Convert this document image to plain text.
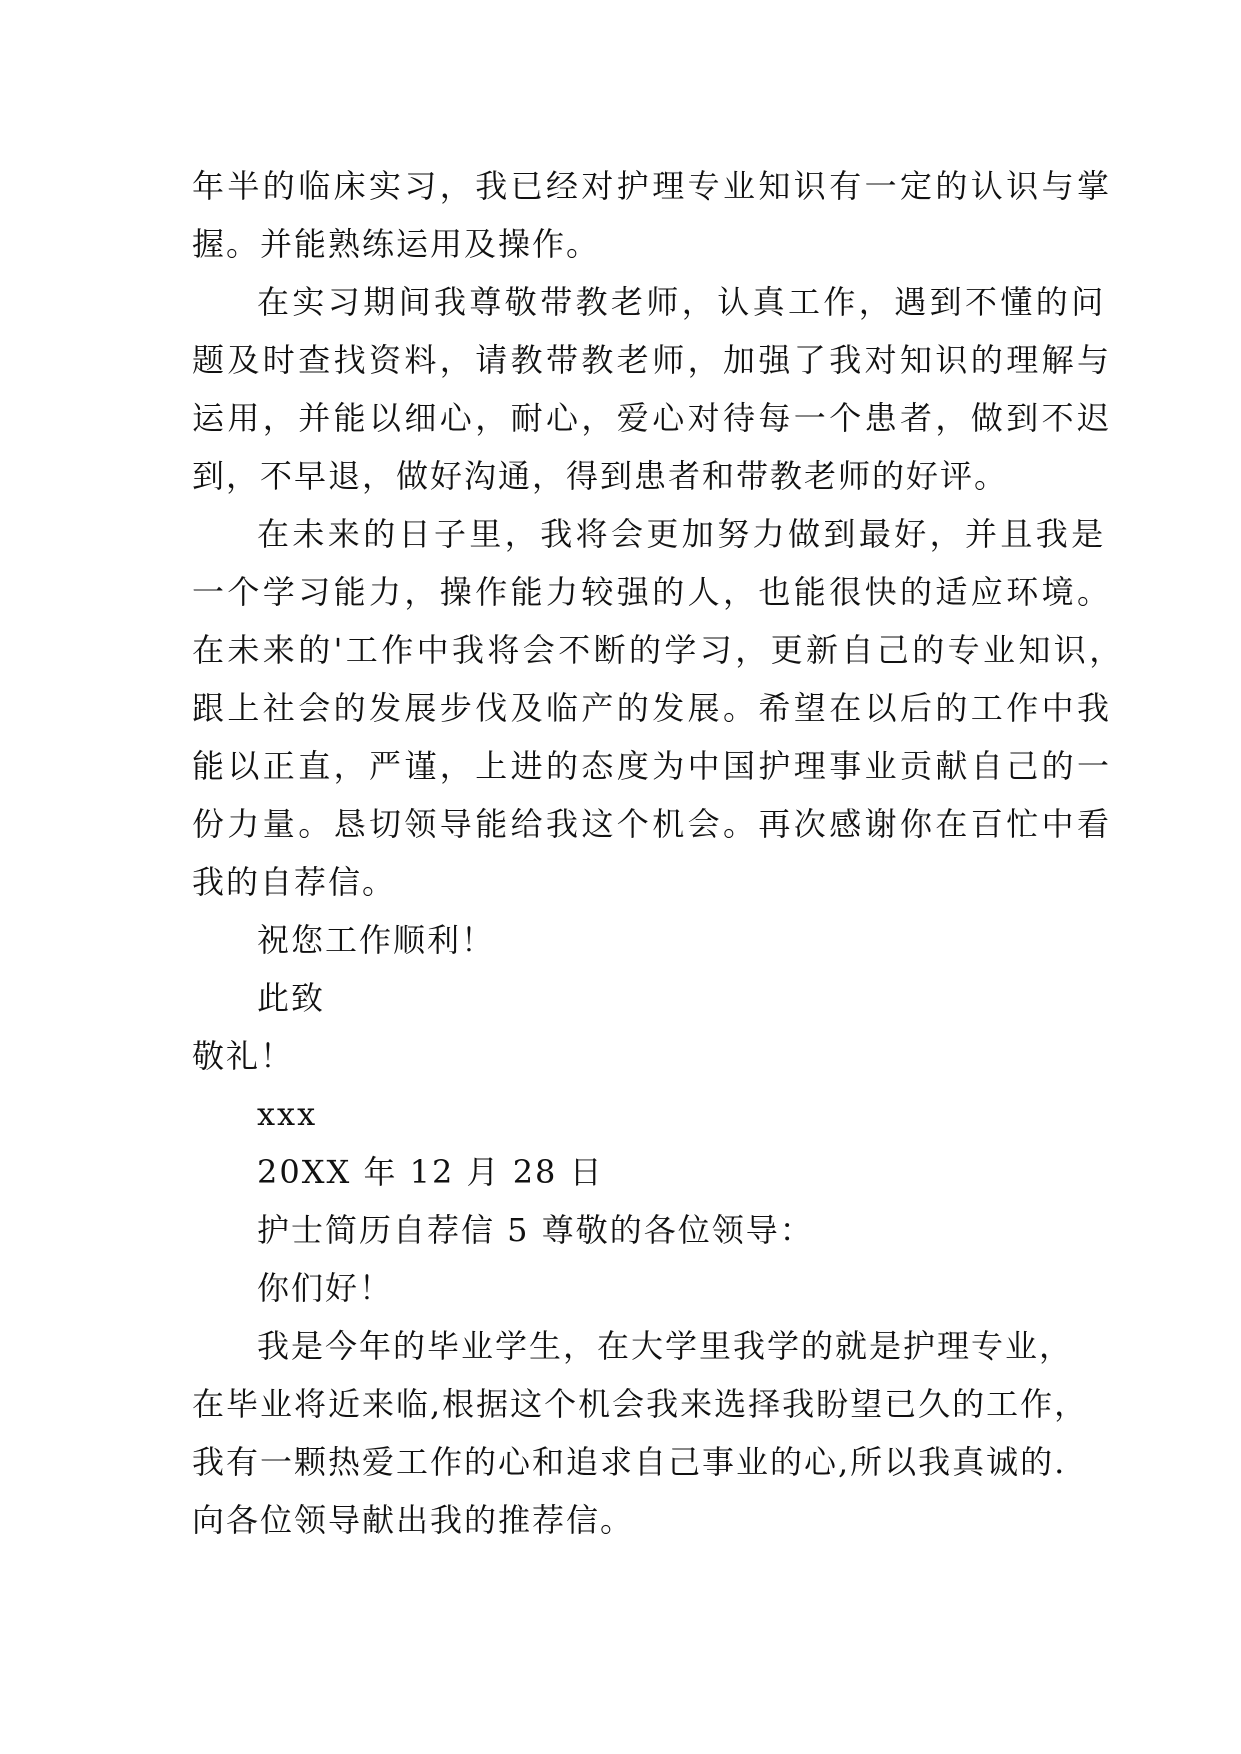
年半的临床实习，我已经对护理专业知识有一定的认识与掌
握。并能熟练运用及操作。
在实习期间我尊敬带教老师，认真工作，遇到不懂的问
题及时查找资料，请教带教老师，加强了我对知识的理解与
运用，并能以细心，耐心，爱心对待每一个患者，做到不迟
到，不早退，做好沟通，得到患者和带教老师的好评。
在未来的日子里，我将会更加努力做到最好，并且我是
一个学习能力，操作能力较强的人，也能很快的适应环境。
在未来的'工作中我将会不断的学习，更新自己的专业知识，
跟上社会的发展步伐及临产的发展。希望在以后的工作中我
能以正直，严谨，上进的态度为中国护理事业贡献自己的一
份力量。恳切领导能给我这个机会。再次感谢你在百忙中看
我的自荐信。
祝您工作顺利！
此致
敬礼！
xxx
20XX 年 12 月 28 日
护士简历自荐信 5 尊敬的各位领导：
你们好！
我是今年的毕业学生，在大学里我学的就是护理专业，
在毕业将近来临,根据这个机会我来选择我盼望已久的工作，
我有一颗热爱工作的心和追求自己事业的心,所以我真诚的.
向各位领导献出我的推荐信。
